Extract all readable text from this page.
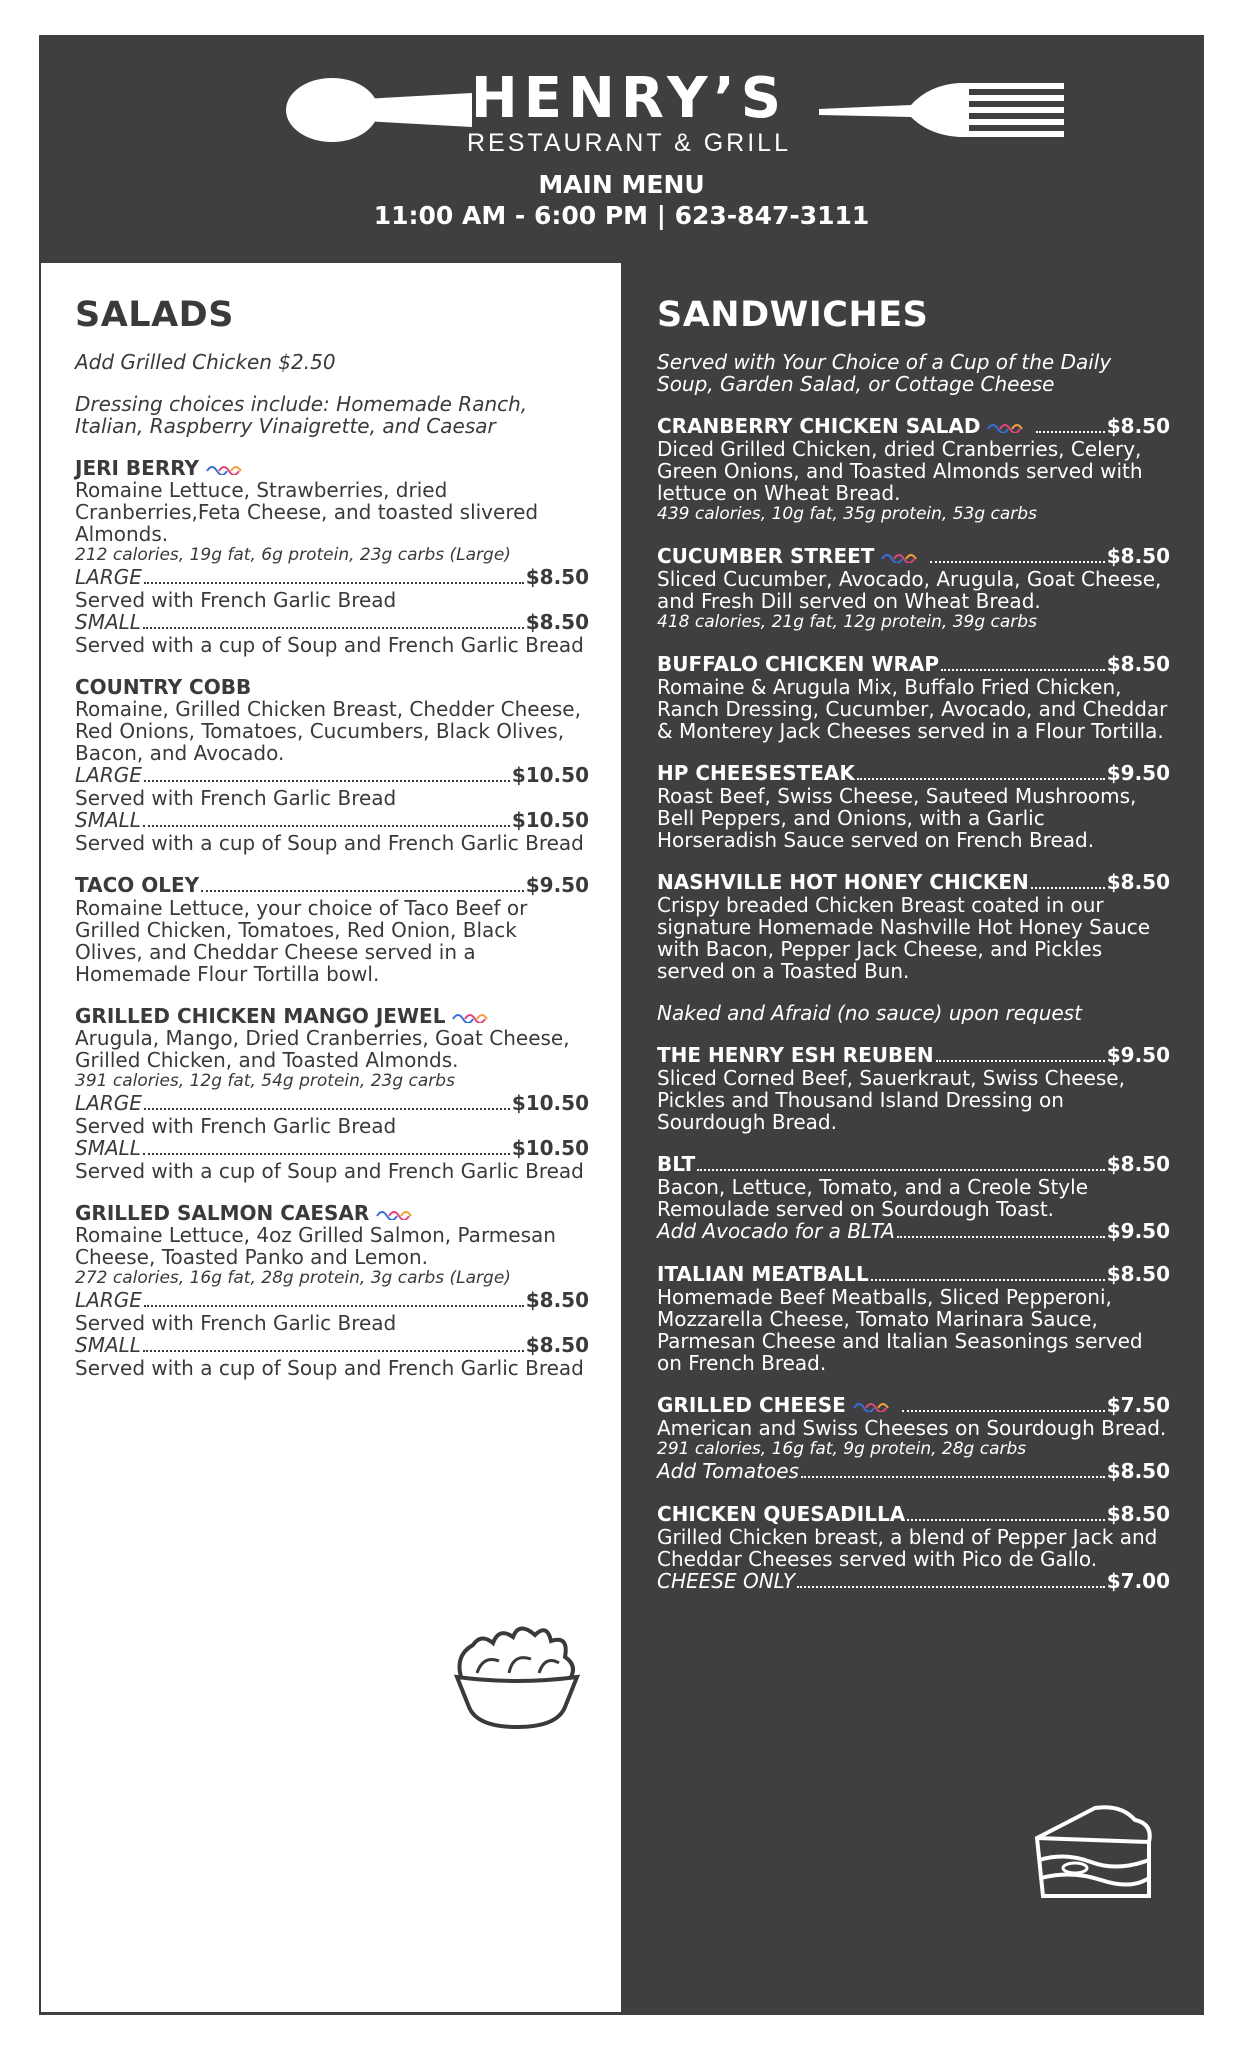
HENRY’S
RESTAURANT & GRILL
MAIN MENU
11:00 AM - 6:00 PM | 623-847-3111
SALADS
Add Grilled Chicken $2.50
Dressing choices include: Homemade Ranch, Italian, Raspberry Vinaigrette, and Caesar
JERI BERRY
Romaine Lettuce, Strawberries, dried Cranberries,Feta Cheese, and toasted slivered Almonds.
212 calories, 19g fat, 6g protein, 23g carbs (Large)
LARGE	$8.50
Served with French Garlic Bread
SMALL	$8.50
Served with a cup of Soup and French Garlic Bread
COUNTRY COBB
Romaine, Grilled Chicken Breast, Chedder Cheese, Red Onions, Tomatoes, Cucumbers, Black Olives, Bacon, and Avocado.
LARGE	$10.50
Served with French Garlic Bread
SMALL	$10.50
Served with a cup of Soup and French Garlic Bread
TACO OLEY	$9.50
Romaine Lettuce, your choice of Taco Beef or Grilled Chicken, Tomatoes, Red Onion, Black Olives, and Cheddar Cheese served in a Homemade Flour Tortilla bowl.
GRILLED CHICKEN MANGO JEWEL
Arugula, Mango, Dried Cranberries, Goat Cheese, Grilled Chicken, and Toasted Almonds.
391 calories, 12g fat, 54g protein, 23g carbs
LARGE	$10.50
Served with French Garlic Bread
SMALL	$10.50
Served with a cup of Soup and French Garlic Bread
GRILLED SALMON CAESAR
Romaine Lettuce, 4oz Grilled Salmon, Parmesan Cheese, Toasted Panko and Lemon.
272 calories, 16g fat, 28g protein, 3g carbs (Large)
LARGE	$8.50
Served with French Garlic Bread
SMALL	$8.50
Served with a cup of Soup and French Garlic Bread
SANDWICHES
Served with Your Choice of a Cup of the Daily Soup, Garden Salad, or Cottage Cheese
CRANBERRY CHICKEN SALAD	$8.50
Diced Grilled Chicken, dried Cranberries, Celery, Green Onions, and Toasted Almonds served with lettuce on Wheat Bread.
439 calories, 10g fat, 35g protein, 53g carbs
CUCUMBER STREET	$8.50
Sliced Cucumber, Avocado, Arugula, Goat Cheese, and Fresh Dill served on Wheat Bread.
418 calories, 21g fat, 12g protein, 39g carbs
BUFFALO CHICKEN WRAP	$8.50
Romaine & Arugula Mix, Buffalo Fried Chicken, Ranch Dressing, Cucumber, Avocado, and Cheddar & Monterey Jack Cheeses served in a Flour Tortilla.
HP CHEESESTEAK	$9.50
Roast Beef, Swiss Cheese, Sauteed Mushrooms, Bell Peppers, and Onions, with a Garlic Horseradish Sauce served on French Bread.
NASHVILLE HOT HONEY CHICKEN	$8.50
Crispy breaded Chicken Breast coated in our signature Homemade Nashville Hot Honey Sauce with Bacon, Pepper Jack Cheese, and Pickles served on a Toasted Bun.
Naked and Afraid (no sauce) upon request
THE HENRY ESH REUBEN	$9.50
Sliced Corned Beef, Sauerkraut, Swiss Cheese, Pickles and Thousand Island Dressing on Sourdough Bread.
BLT	$8.50
Bacon, Lettuce, Tomato, and a Creole Style Remoulade served on Sourdough Toast.
Add Avocado for a BLTA	$9.50
ITALIAN MEATBALL	$8.50
Homemade Beef Meatballs, Sliced Pepperoni, Mozzarella Cheese, Tomato Marinara Sauce, Parmesan Cheese and Italian Seasonings served on French Bread.
GRILLED CHEESE	$7.50
American and Swiss Cheeses on Sourdough Bread.
291 calories, 16g fat, 9g protein, 28g carbs
Add Tomatoes	$8.50
CHICKEN QUESADILLA	$8.50
Grilled Chicken breast, a blend of Pepper Jack and Cheddar Cheeses served with Pico de Gallo.
CHEESE ONLY	$7.00
